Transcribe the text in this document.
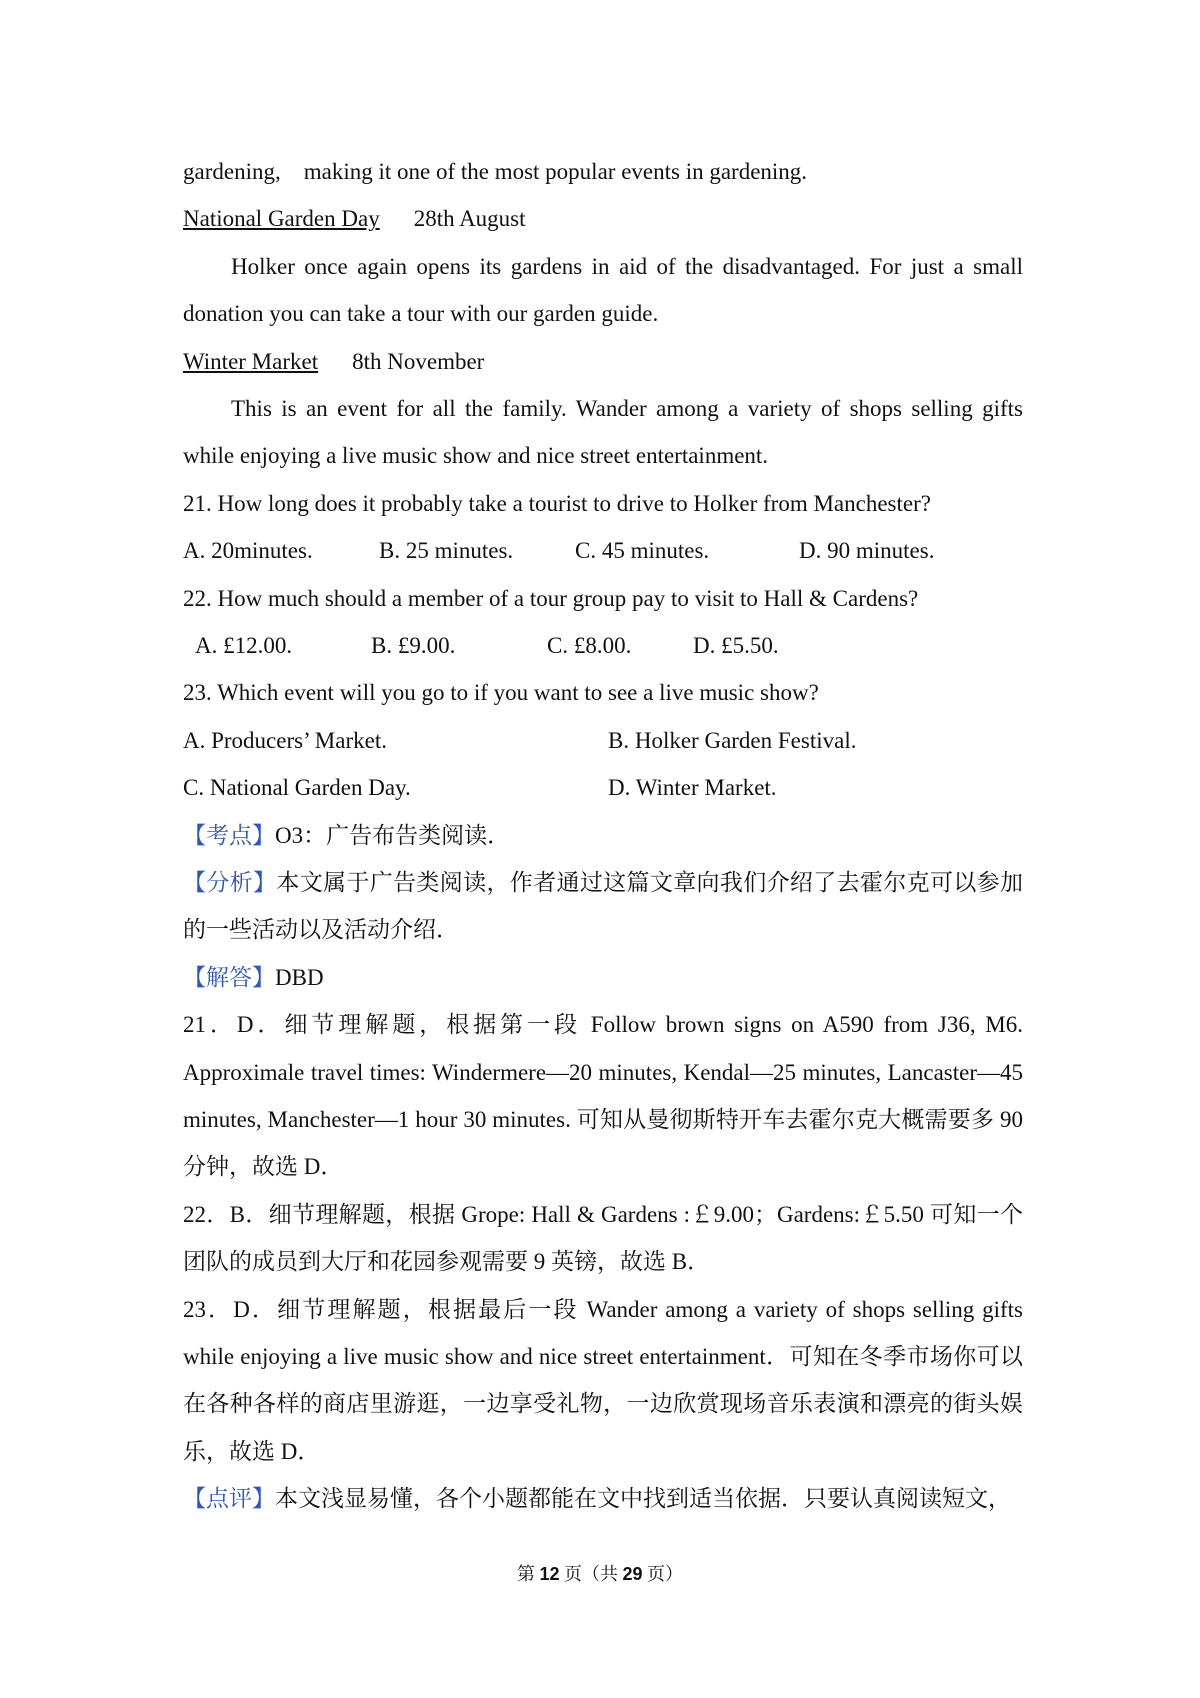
gardening,　making it one of the most popular events in gardening.
National Garden Day 28th August
Holker once again opens its gardens in aid of the disadvantaged. For just a small donation you can take a tour with our garden guide.
Winter Market 8th November
This is an event for all the family. Wander among a variety of shops selling gifts while enjoying a live music show and nice street entertainment.
21. How long does it probably take a tourist to drive to Holker from Manchester?
A. 20minutes.	B. 25 minutes.	C. 45 minutes.	D. 90 minutes.
22. How much should a member of a tour group pay to visit to Hall & Cardens?
A. £12.00.	B. £9.00.	C. £8.00.	D. £5.50.
23. Which event will you go to if you want to see a live music show?
A. Producers’ Market.	B. Holker Garden Festival.
C. National Garden Day.	D. Winter Market.
【考点】O3：广告布告类阅读．
【分析】本文属于广告类阅读，作者通过这篇文章向我们介绍了去霍尔克可以参加的一些活动以及活动介绍．
【解答】DBD
21．D．细节理解题，根据第一段 Follow brown signs on A590 from J36, M6. Approximale travel times: Windermere—20 minutes, Kendal—25 minutes, Lancaster—45 minutes, Manchester—1 hour 30 minutes. 可知从曼彻斯特开车去霍尔克大概需要多 90 分钟，故选 D．
22．B．细节理解题，根据 Grope: Hall & Gardens :￡9.00；Gardens:￡5.50 可知一个团队的成员到大厅和花园参观需要 9 英镑，故选 B．
23．D．细节理解题，根据最后一段 Wander among a variety of shops selling gifts while enjoying a live music show and nice street entertainment．可知在冬季市场你可以在各种各样的商店里游逛，一边享受礼物，一边欣赏现场音乐表演和漂亮的街头娱乐，故选 D．
【点评】本文浅显易懂，各个小题都能在文中找到适当依据．只要认真阅读短文，
第 12 页（共 29 页）
